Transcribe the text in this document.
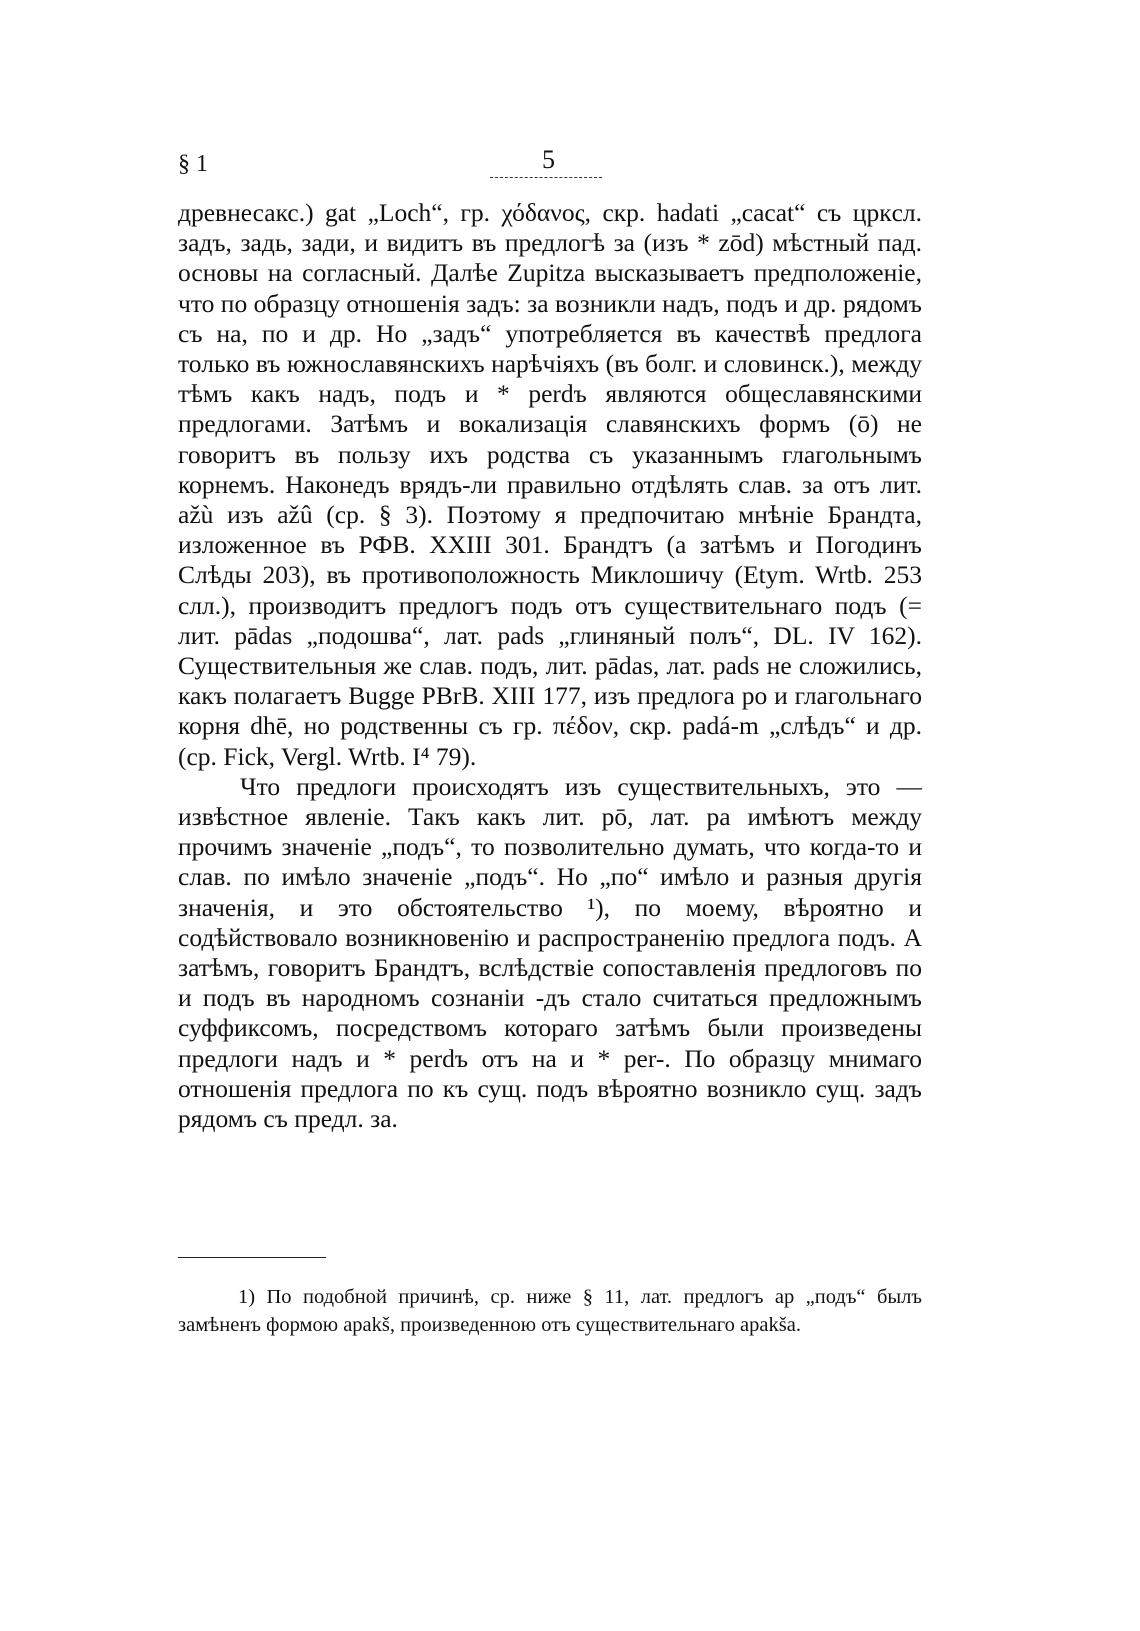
§ 1	5

древнесакс.) gat „Loch“, гр. χόδανος, скр. hadati „cacat“ съ цркcл. задъ, задь, зади, и видитъ въ предлогѣ за (изъ * zōd) мѣстный пад. основы на согласный. Далѣе Zupitza высказываетъ предположеніе, что по образцу отношенія задъ: за возникли надъ, подъ и др. рядомъ съ на, по и др. Но „задъ“ употребляется въ качествѣ предлога только въ южнославянскихъ нарѣчіяхъ (въ болг. и словинск.), между тѣмъ какъ надъ, подъ и * perdъ являются общеславянскими предлогами. Затѣмъ и вокализація славянскихъ формъ (ō) не говоритъ въ пользу ихъ родства съ указаннымъ глагольнымъ корнемъ. Наконедъ врядъ-ли правильно отдѣлять слав. за отъ лит. ažù изъ ažû (ср. § 3). Поэтому я предпочитаю мнѣніе Брандта, изложенное въ РФВ. XXIII 301. Брандтъ (а затѣмъ и Погодинъ Слѣды 203), въ противоположность Миклошичу (Etym. Wrtb. 253 слл.), производитъ предлогъ подъ отъ существительнаго подъ (= лит. pādas „подошва“, лат. pads „глиняный полъ“, DL. IV 162). Существительныя же слав. подъ, лит. pādas, лат. pads не сложились, какъ полагаетъ Bugge PBrB. XIII 177, изъ предлога po и глагольнаго корня dhē, но родственны съ гр. πέδον, скр. padá-m „слѣдъ“ и др. (ср. Fick, Vergl. Wrtb. I⁴ 79).

Что предлоги происходятъ изъ существительныхъ, это — извѣстное явленіе. Такъ какъ лит. pō, лат. pa имѣютъ между прочимъ значеніе „подъ“, то позволительно думать, что когда-то и слав. по имѣло значеніе „подъ“. Но „по“ имѣло и разныя другія значенія, и это обстоятельство ¹), по моему, вѣроятно и содѣйствовало возникновенію и распространенію предлога подъ. А затѣмъ, говоритъ Брандтъ, вслѣдствіе сопоставленія предлоговъ по и подъ въ народномъ сознаніи -дъ стало считаться предложнымъ суффиксомъ, посредствомъ котораго затѣмъ были произведены предлоги надъ и * perdъ отъ на и * per-. По образцу мнимаго отношенія предлога по къ сущ. подъ вѣроятно возникло сущ. задъ рядомъ съ предл. за.

1) По подобной причинѣ, ср. ниже § 11, лат. предлогъ ap „подъ“ былъ замѣненъ формою apakš, произведенною отъ существительнаго apakša.
